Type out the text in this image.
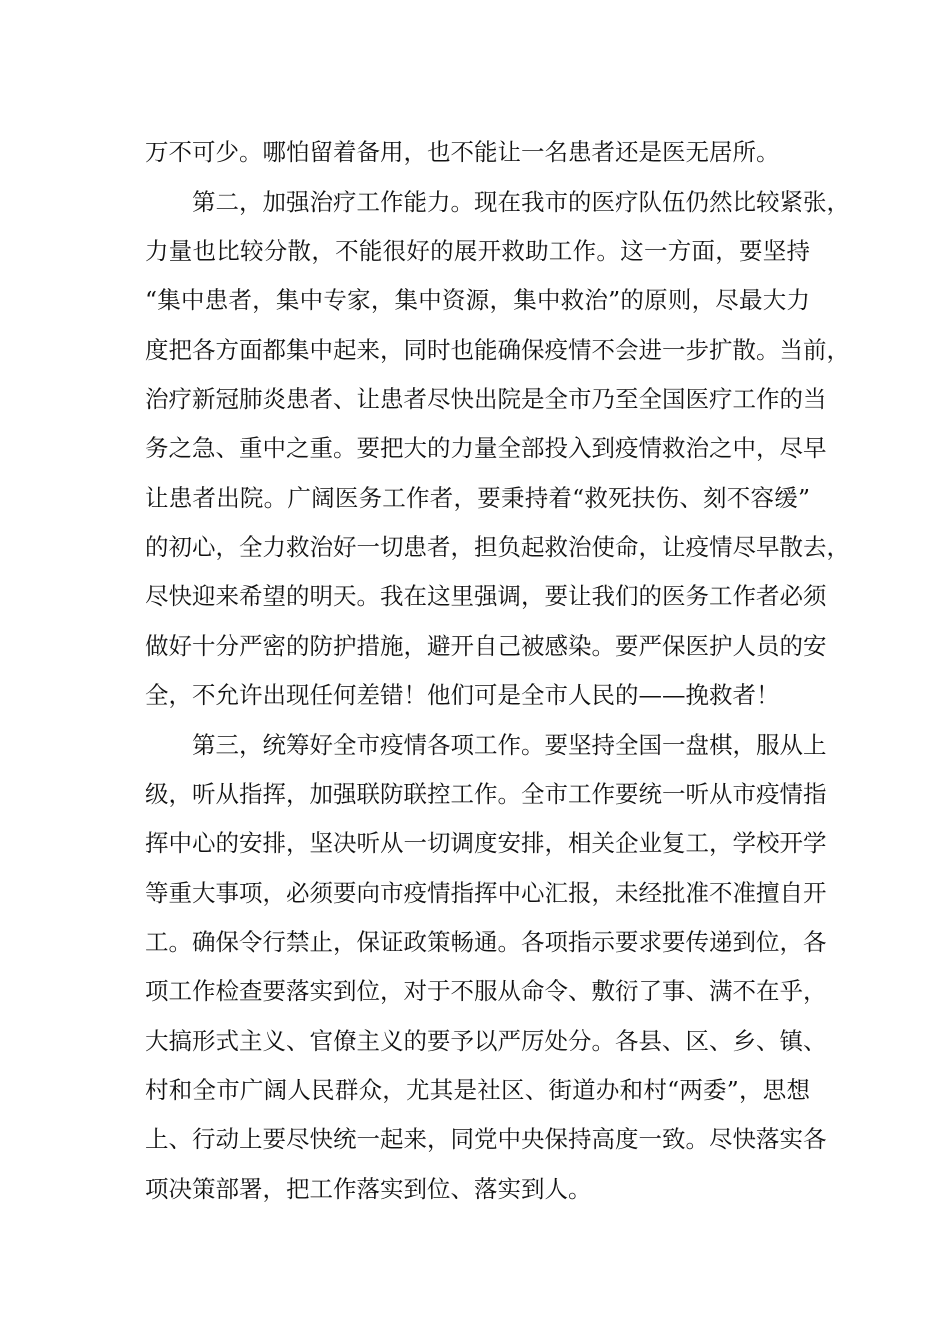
万不可少。哪怕留着备用，也不能让一名患者还是医无居所。
第二，加强治疗工作能力。现在我市的医疗队伍仍然比较紧张，
力量也比较分散，不能很好的展开救助工作。这一方面，要坚持
“集中患者，集中专家，集中资源，集中救治”的原则，尽最大力
度把各方面都集中起来，同时也能确保疫情不会进一步扩散。当前，
治疗新冠肺炎患者、让患者尽快出院是全市乃至全国医疗工作的当
务之急、重中之重。要把大的力量全部投入到疫情救治之中，尽早
让患者出院。广阔医务工作者，要秉持着“救死扶伤、刻不容缓”
的初心，全力救治好一切患者，担负起救治使命，让疫情尽早散去，
尽快迎来希望的明天。我在这里强调，要让我们的医务工作者必须
做好十分严密的防护措施，避开自己被感染。要严保医护人员的安
全，不允许出现任何差错！他们可是全市人民的——挽救者！
第三，统筹好全市疫情各项工作。要坚持全国一盘棋，服从上
级，听从指挥，加强联防联控工作。全市工作要统一听从市疫情指
挥中心的安排，坚决听从一切调度安排，相关企业复工，学校开学
等重大事项，必须要向市疫情指挥中心汇报，未经批准不准擅自开
工。确保令行禁止，保证政策畅通。各项指示要求要传递到位，各
项工作检查要落实到位，对于不服从命令、敷衍了事、满不在乎，
大搞形式主义、官僚主义的要予以严厉处分。各县、区、乡、镇、
村和全市广阔人民群众，尤其是社区、街道办和村“两委”，思想
上、行动上要尽快统一起来，同党中央保持高度一致。尽快落实各
项决策部署，把工作落实到位、落实到人。
